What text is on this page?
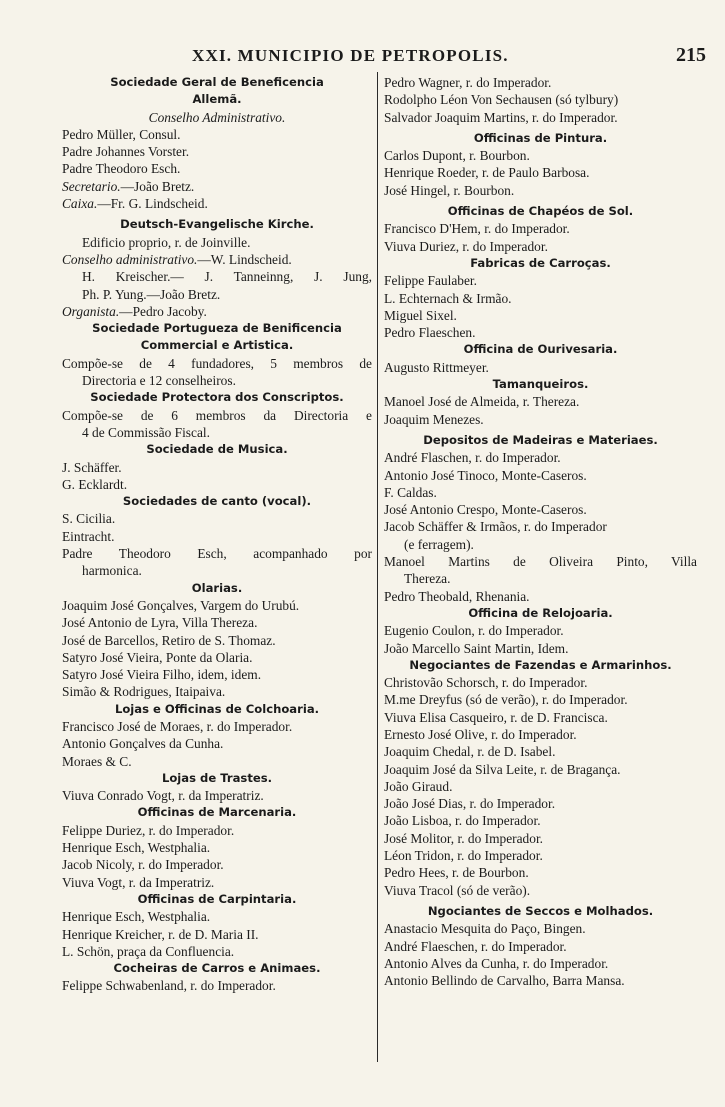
XXI. MUNICIPIO DE PETROPOLIS.	215
Sociedade Geral de Beneficencia
Allemã.
Conselho Administrativo.
Pedro Müller, Consul.
Padre Johannes Vorster.
Padre Theodoro Esch.
Secretario.—João Bretz.
Caixa.—Fr. G. Lindscheid.
Deutsch-Evangelische Kirche.
Edificio proprio, r. de Joinville.
Conselho administrativo.—W. Lindscheid.
H. Kreischer.— J. Tanneinng, J. Jung,
Ph. P. Yung.—João Bretz.
Organista.—Pedro Jacoby.
Sociedade Portugueza de Benificencia
Commercial e Artistica.
Compõe-se de 4 fundadores, 5 membros de
Directoria e 12 conselheiros.
Sociedade Protectora dos Conscriptos.
Compõe-se de 6 membros da Directoria e
4 de Commissão Fiscal.
Sociedade de Musica.
J. Schäffer.
G. Ecklardt.
Sociedades de canto (vocal).
S. Cicilia.
Eintracht.
Padre Theodoro Esch, acompanhado por
harmonica.
Olarias.
Joaquim José Gonçalves, Vargem do Urubú.
José Antonio de Lyra, Villa Thereza.
José de Barcellos, Retiro de S. Thomaz.
Satyro José Vieira, Ponte da Olaria.
Satyro José Vieira Filho, idem, idem.
Simão & Rodrigues, Itaipaiva.
Lojas e Officinas de Colchoaria.
Francisco José de Moraes, r. do Imperador.
Antonio Gonçalves da Cunha.
Moraes & C.
Lojas de Trastes.
Viuva Conrado Vogt, r. da Imperatriz.
Officinas de Marcenaria.
Felippe Duriez, r. do Imperador.
Henrique Esch, Westphalia.
Jacob Nicoly, r. do Imperador.
Viuva Vogt, r. da Imperatriz.
Officinas de Carpintaria.
Henrique Esch, Westphalia.
Henrique Kreicher, r. de D. Maria II.
L. Schön, praça da Confluencia.
Cocheiras de Carros e Animaes.
Felippe Schwabenland, r. do Imperador.
Pedro Wagner, r. do Imperador.
Rodolpho Léon Von Sechausen (só tylbury)
Salvador Joaquim Martins, r. do Imperador.
Officinas de Pintura.
Carlos Dupont, r. Bourbon.
Henrique Roeder, r. de Paulo Barbosa.
José Hingel, r. Bourbon.
Officinas de Chapéos de Sol.
Francisco D'Hem, r. do Imperador.
Viuva Duriez, r. do Imperador.
Fabricas de Carroças.
Felippe Faulaber.
L. Echternach & Irmão.
Miguel Sixel.
Pedro Flaeschen.
Officina de Ourivesaria.
Augusto Rittmeyer.
Tamanqueiros.
Manoel José de Almeida, r. Thereza.
Joaquim Menezes.
Depositos de Madeiras e Materiaes.
André Flaschen, r. do Imperador.
Antonio José Tinoco, Monte-Caseros.
F. Caldas.
José Antonio Crespo, Monte-Caseros.
Jacob Schäffer & Irmãos, r. do Imperador
(e ferragem).
Manoel Martins de Oliveira Pinto, Villa
Thereza.
Pedro Theobald, Rhenania.
Officina de Relojoaria.
Eugenio Coulon, r. do Imperador.
João Marcello Saint Martin, Idem.
Negociantes de Fazendas e Armarinhos.
Christovão Schorsch, r. do Imperador.
M.me Dreyfus (só de verão), r. do Imperador.
Viuva Elisa Casqueiro, r. de D. Francisca.
Ernesto José Olive, r. do Imperador.
Joaquim Chedal, r. de D. Isabel.
Joaquim José da Silva Leite, r. de Bragança.
João Giraud.
João José Dias, r. do Imperador.
João Lisboa, r. do Imperador.
José Molitor, r. do Imperador.
Léon Tridon, r. do Imperador.
Pedro Hees, r. de Bourbon.
Viuva Tracol (só de verão).
Ngociantes de Seccos e Molhados.
Anastacio Mesquita do Paço, Bingen.
André Flaeschen, r. do Imperador.
Antonio Alves da Cunha, r. do Imperador.
Antonio Bellindo de Carvalho, Barra Mansa.
